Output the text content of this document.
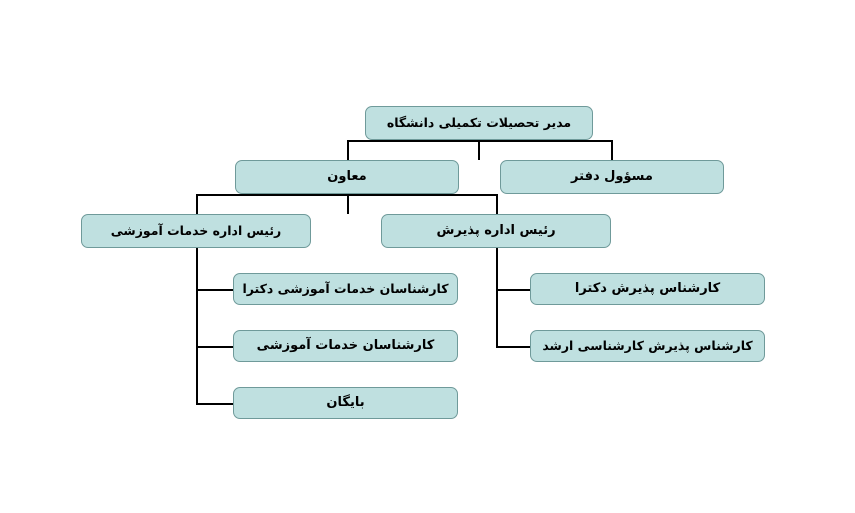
مدیر تحصیلات تکمیلی دانشگاه
مسؤول دفتر
معاون
رئیس اداره پذیرش
رئیس اداره خدمات آموزشی
کارشناس پذیرش دکترا
کارشناس پذیرش کارشناسی ارشد
کارشناسان خدمات آموزشی دکترا
کارشناسان خدمات آموزشی
بایگان
